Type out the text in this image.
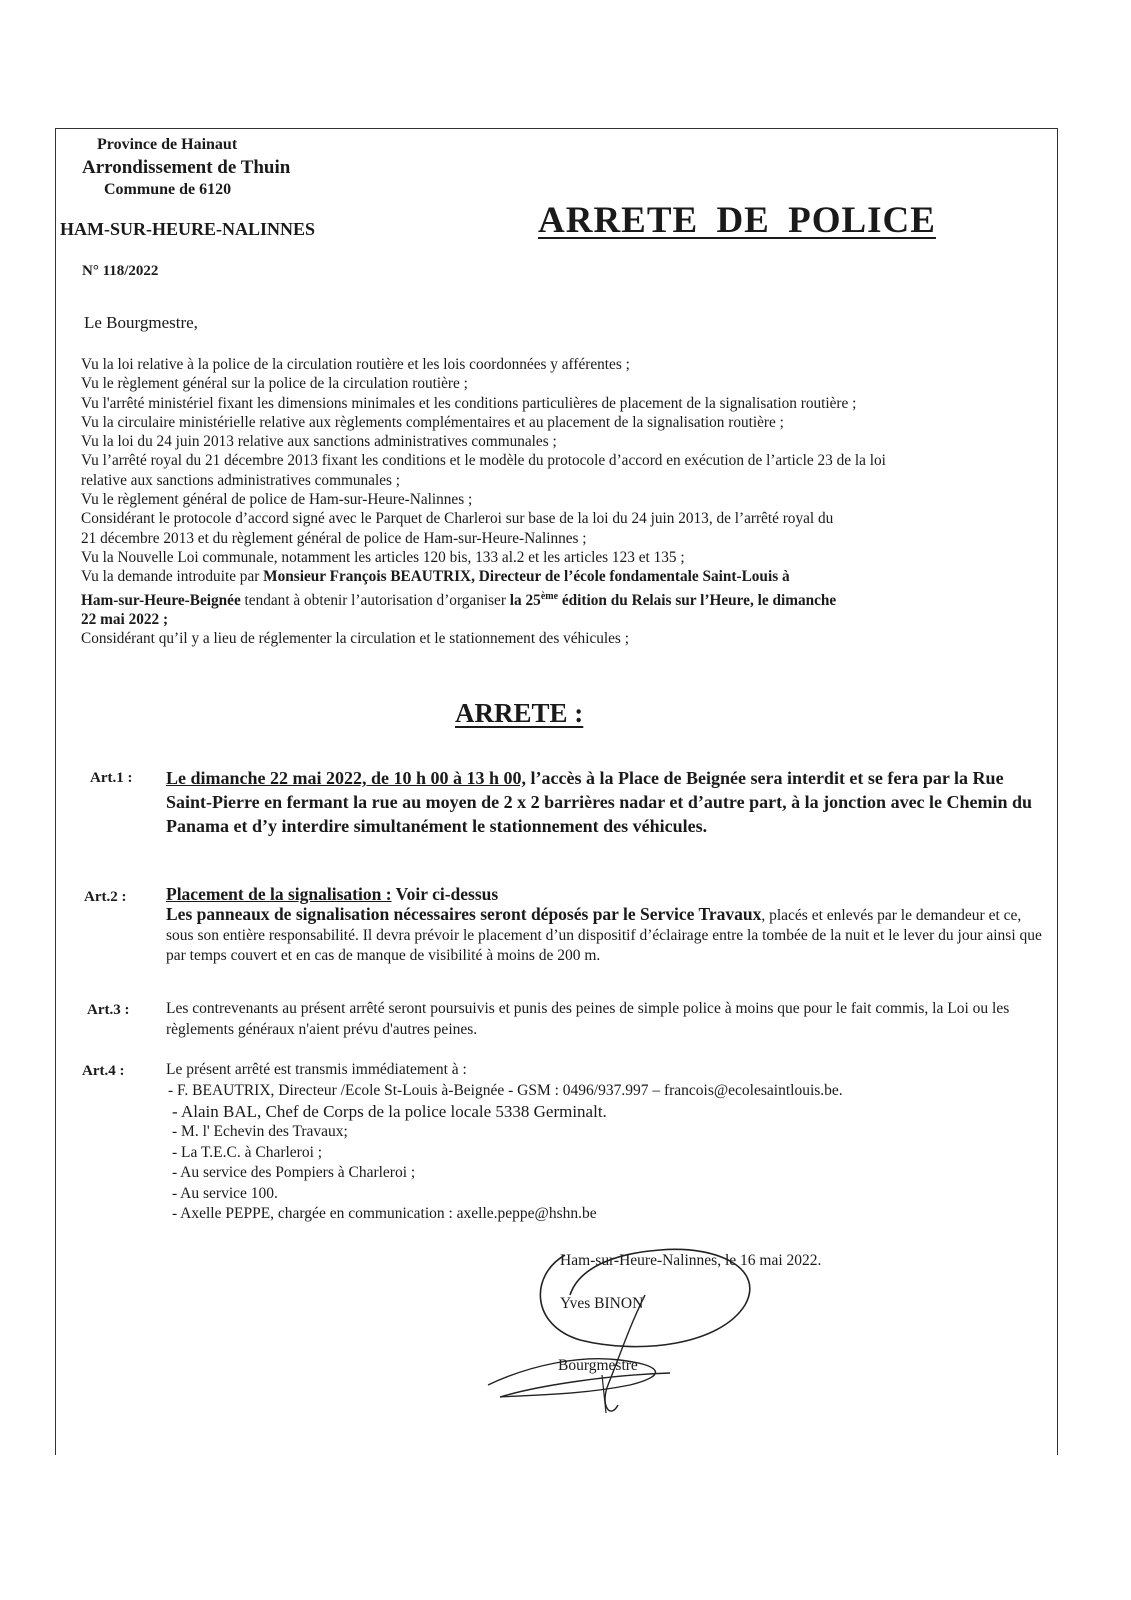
Province de Hainaut
Arrondissement de Thuin
Commune de 6120
HAM-SUR-HEURE-NALINNES	ARRETE DE POLICE
N° 118/2022
Le Bourgmestre,

Vu la loi relative à la police de la circulation routière et les lois coordonnées y afférentes ;

Vu le règlement général sur la police de la circulation routière ;

Vu l'arrêté ministériel fixant les dimensions minimales et les conditions particulières de placement de la signalisation routière ;

Vu la circulaire ministérielle relative aux règlements complémentaires et au placement de la signalisation routière ;

Vu la loi du 24 juin 2013 relative aux sanctions administratives communales ;

Vu l’arrêté royal du 21 décembre 2013 fixant les conditions et le modèle du protocole d’accord en exécution de l’article 23 de la loi

relative aux sanctions administratives communales ;

Vu le règlement général de police de Ham-sur-Heure-Nalinnes ;

Considérant le protocole d’accord signé avec le Parquet de Charleroi sur base de la loi du 24 juin 2013, de l’arrêté royal du

21 décembre 2013 et du règlement général de police de Ham-sur-Heure-Nalinnes ;

Vu la Nouvelle Loi communale, notamment les articles 120 bis, 133 al.2 et les articles 123 et 135 ;

Vu la demande introduite par Monsieur François BEAUTRIX, Directeur de l’école fondamentale Saint-Louis à

Ham-sur-Heure-Beignée tendant à obtenir l’autorisation d’organiser la 25ème édition du Relais sur l’Heure, le dimanche

22 mai 2022 ;

Considérant qu’il y a lieu de réglementer la circulation et le stationnement des véhicules ;

ARRETE :
Art.1 : Le dimanche 22 mai 2022, de 10 h 00 à 13 h 00, l’accès à la Place de Beignée sera interdit et se fera par la Rue Saint-Pierre en fermant la rue au moyen de 2 x 2 barrières nadar et d’autre part, à la jonction avec le Chemin du Panama et d’y interdire simultanément le stationnement des véhicules.
Art.2 : Placement de la signalisation : Voir ci-dessus
Les panneaux de signalisation nécessaires seront déposés par le Service Travaux, placés et enlevés par le demandeur et ce, sous son entière responsabilité. Il devra prévoir le placement d’un dispositif d’éclairage entre la tombée de la nuit et le lever du jour ainsi que par temps couvert et en cas de manque de visibilité à moins de 200 m.
Art.3 : Les contrevenants au présent arrêté seront poursuivis et punis des peines de simple police à moins que pour le fait commis, la Loi ou les règlements généraux n'aient prévu d'autres peines.
Art.4 :	Le présent arrêté est transmis immédiatement à :
- F. BEAUTRIX, Directeur /Ecole St-Louis à-Beignée - GSM : 0496/937.997 – francois@ecolesaintlouis.be.
- Alain BAL, Chef de Corps de la police locale 5338 Germinalt.
- M. l' Echevin des Travaux;
- La T.E.C. à Charleroi ;
- Au service des Pompiers à Charleroi ;
- Au service 100.
- Axelle PEPPE, chargée en communication : axelle.peppe@hshn.be
Ham-sur-Heure-Nalinnes, le 16 mai 2022.
Yves BINON
Bourgmestre
